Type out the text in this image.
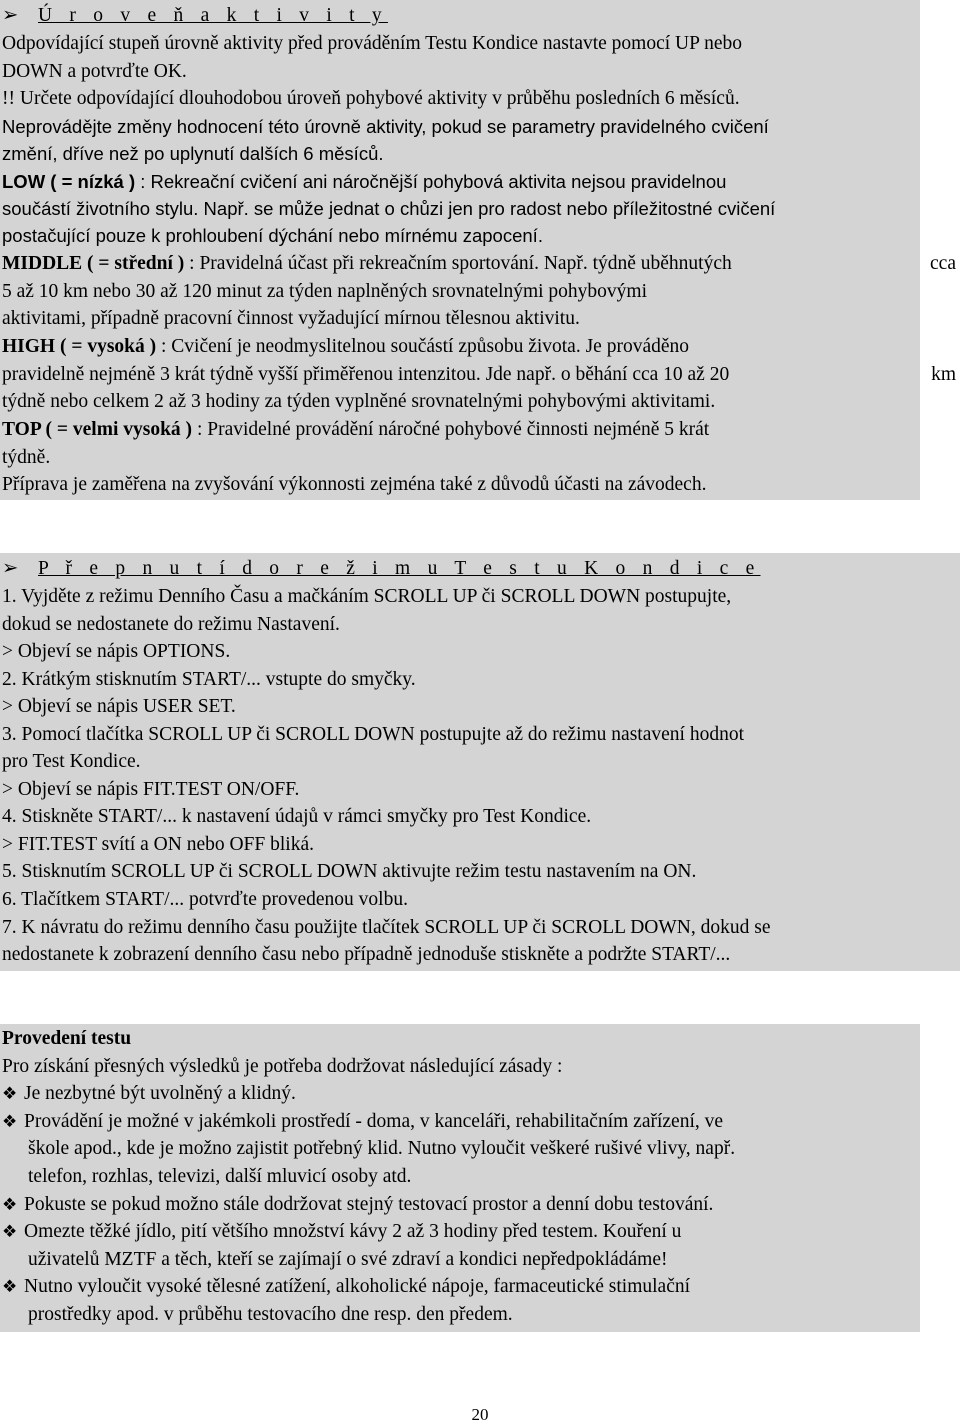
➢ Ú r o v e ň a k t i v i t y
Odpovídající stupeň úrovně aktivity před prováděním Testu Kondice nastavte pomocí UP nebo
DOWN a potvrďte OK.
!! Určete odpovídající dlouhodobou úroveň pohybové aktivity v průběhu posledních 6 měsíců.
Neprovádějte změny hodnocení této úrovně aktivity, pokud se parametry pravidelného cvičení
změní, dříve než po uplynutí dalších 6 měsíců.
LOW ( = nízká ) : Rekreační cvičení ani náročnější pohybová aktivita nejsou pravidelnou
součástí životního stylu. Např. se může jednat o chůzi jen pro radost nebo příležitostné cvičení
postačující pouze k prohloubení dýchání nebo mírnému zapocení.
MIDDLE ( = střední ) : Pravidelná účast při rekreačním sportování. Např. týdně uběhnutých
5 až 10 km nebo 30 až 120 minut za týden naplněných srovnatelnými pohybovými
aktivitami, případně pracovní činnost vyžadující mírnou tělesnou aktivitu.
HIGH ( = vysoká ) : Cvičení je neodmyslitelnou součástí způsobu života. Je prováděno
pravidelně nejméně 3 krát týdně vyšší přiměřenou intenzitou. Jde např. o běhání cca 10 až 20
týdně nebo celkem 2 až 3 hodiny za týden vyplněné srovnatelnými pohybovými aktivitami.
TOP ( = velmi vysoká ) : Pravidelné provádění náročné pohybové činnosti nejméně 5 krát
týdně.
Příprava je zaměřena na zvyšování výkonnosti zejména také z důvodů účasti na závodech.
cca
km
➢ P ř e p n u t í d o r e ž i m u T e s t u K o n d i c e
1. Vyjděte z režimu Denního Času a mačkáním SCROLL UP či SCROLL DOWN postupujte,
dokud se nedostanete do režimu Nastavení.
> Objeví se nápis OPTIONS.
2. Krátkým stisknutím START/... vstupte do smyčky.
> Objeví se nápis USER SET.
3. Pomocí tlačítka SCROLL UP či SCROLL DOWN postupujte až do režimu nastavení hodnot
pro Test Kondice.
> Objeví se nápis FIT.TEST ON/OFF.
4. Stiskněte START/... k nastavení údajů v rámci smyčky pro Test Kondice.
> FIT.TEST svítí a ON nebo OFF bliká.
5. Stisknutím SCROLL UP či SCROLL DOWN aktivujte režim testu nastavením na ON.
6. Tlačítkem START/... potvrďte provedenou volbu.
7. K návratu do režimu denního času použijte tlačítek SCROLL UP či SCROLL DOWN, dokud se
nedostanete k zobrazení denního času nebo případně jednoduše stiskněte a podržte START/...
Provedení testu
Pro získání přesných výsledků je potřeba dodržovat následující zásady :
❖ Je nezbytné být uvolněný a klidný.
❖ Provádění je možné v jakémkoli prostředí - doma, v kanceláři, rehabilitačním zařízení, ve
škole apod., kde je možno zajistit potřebný klid. Nutno vyloučit veškeré rušivé vlivy, např.
telefon, rozhlas, televizi, další mluvicí osoby atd.
❖ Pokuste se pokud možno stále dodržovat stejný testovací prostor a denní dobu testování.
❖ Omezte těžké jídlo, pití většího množství kávy 2 až 3 hodiny před testem. Kouření u
uživatelů MZTF a těch, kteří se zajímají o své zdraví a kondici nepředpokládáme!
❖ Nutno vyloučit vysoké tělesné zatížení, alkoholické nápoje, farmaceutické stimulační
prostředky apod. v průběhu testovacího dne resp. den předem.
20
